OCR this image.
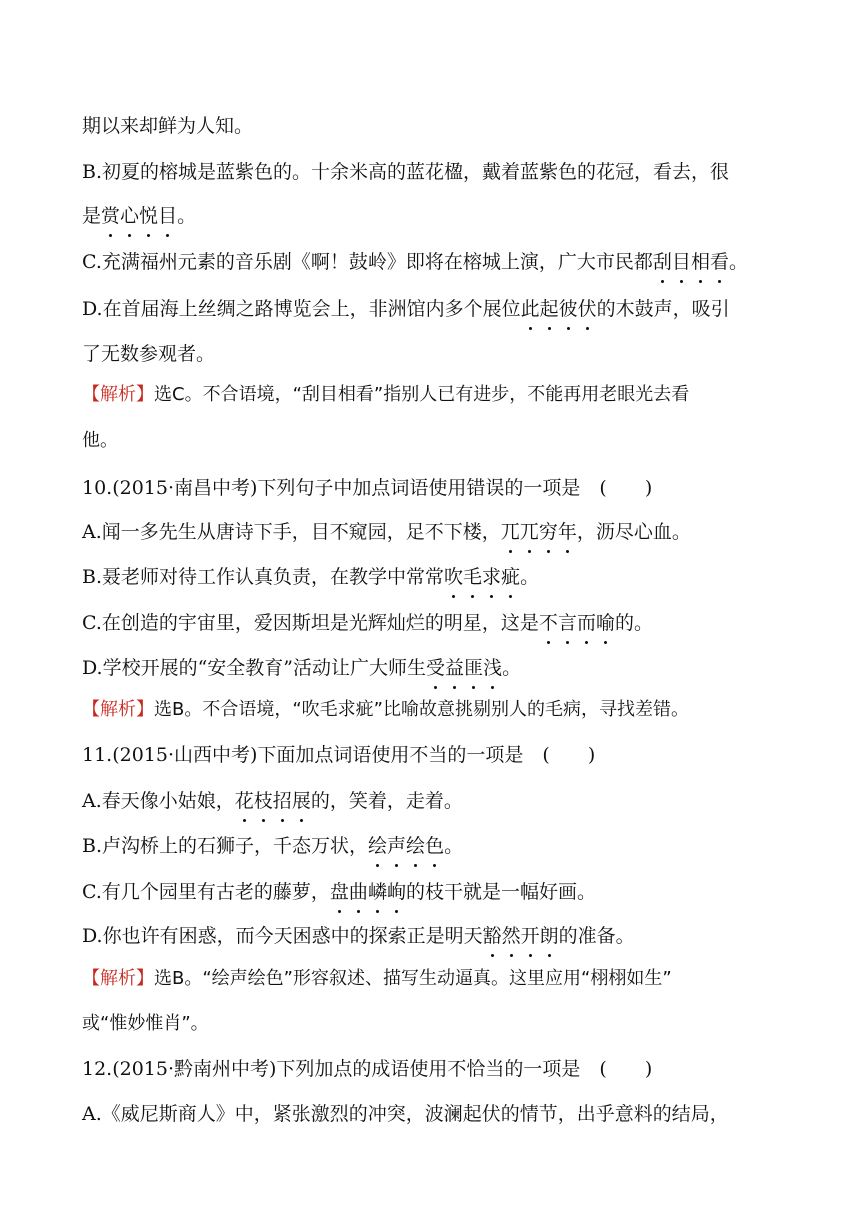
期以来却鲜为人知。
B.初夏的榕城是蓝紫色的。十余米高的蓝花楹，戴着蓝紫色的花冠，看去，很
是赏心悦目。
C.充满福州元素的音乐剧《啊！鼓岭》即将在榕城上演，广大市民都刮目相看。
D.在首届海上丝绸之路博览会上，非洲馆内多个展位此起彼伏的木鼓声，吸引
了无数参观者。
【解析】选C。不合语境，“刮目相看”指别人已有进步，不能再用老眼光去看
他。
10.(2015·南昌中考)下列句子中加点词语使用错误的一项是　(　　)
A.闻一多先生从唐诗下手，目不窥园，足不下楼，兀兀穷年，沥尽心血。
B.聂老师对待工作认真负责，在教学中常常吹毛求疵。
C.在创造的宇宙里，爱因斯坦是光辉灿烂的明星，这是不言而喻的。
D.学校开展的“安全教育”活动让广大师生受益匪浅。
【解析】选B。不合语境，“吹毛求疵”比喻故意挑剔别人的毛病，寻找差错。
11.(2015·山西中考)下面加点词语使用不当的一项是　(　　)
A.春天像小姑娘，花枝招展的，笑着，走着。
B.卢沟桥上的石狮子，千态万状，绘声绘色。
C.有几个园里有古老的藤萝，盘曲嶙峋的枝干就是一幅好画。
D.你也许有困惑，而今天困惑中的探索正是明天豁然开朗的准备。
【解析】选B。“绘声绘色”形容叙述、描写生动逼真。这里应用“栩栩如生”
或“惟妙惟肖”。
12.(2015·黔南州中考)下列加点的成语使用不恰当的一项是　(　　)
A.《威尼斯商人》中，紧张激烈的冲突，波澜起伏的情节，出乎意料的结局，
